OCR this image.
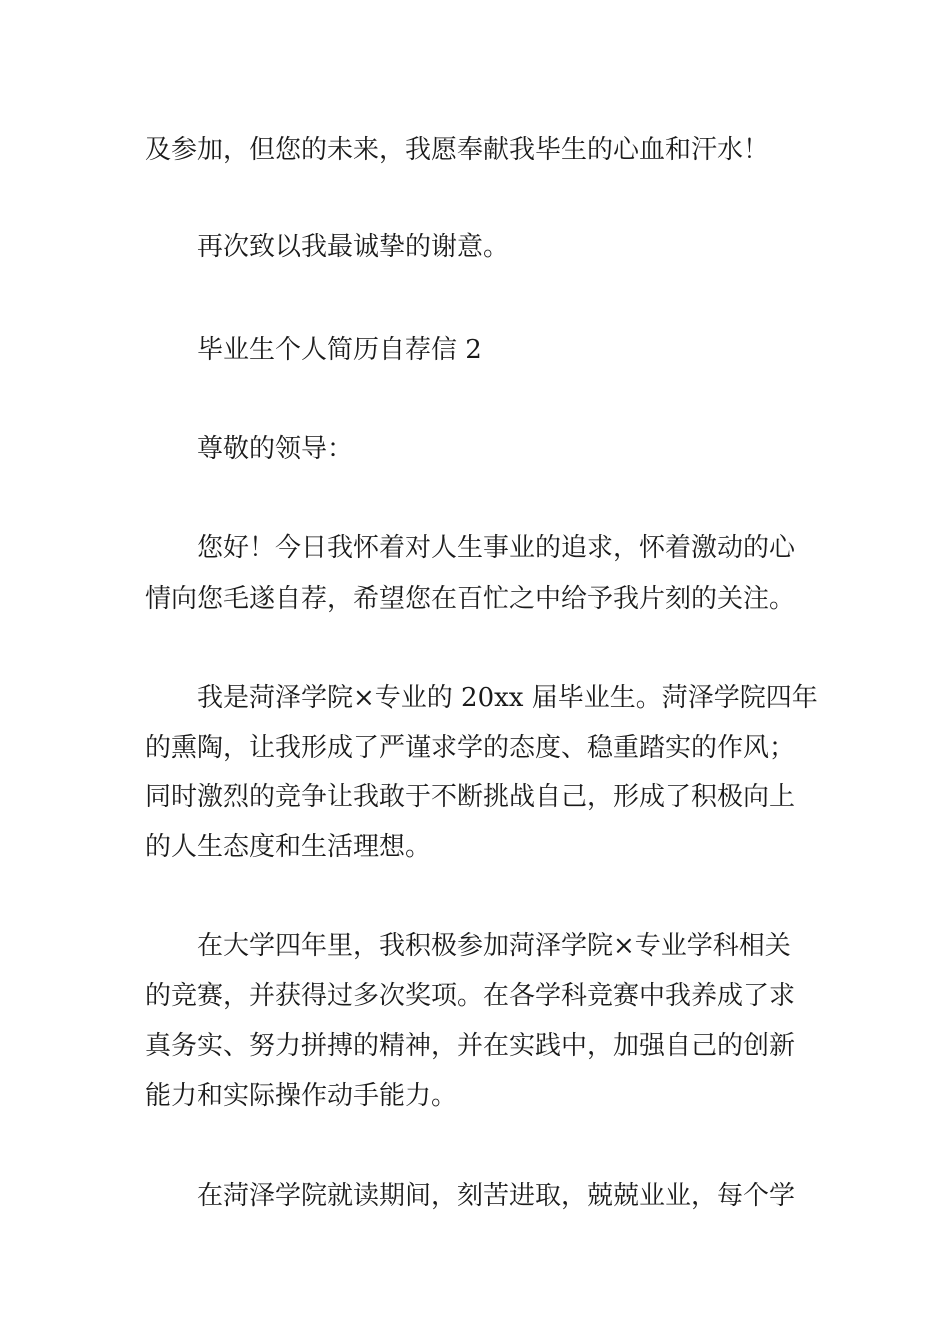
及参加，但您的未来，我愿奉献我毕生的心血和汗水！
再次致以我最诚挚的谢意。
毕业生个人简历自荐信 2
尊敬的领导：
您好！今日我怀着对人生事业的追求，怀着激动的心
情向您毛遂自荐，希望您在百忙之中给予我片刻的关注。
我是菏泽学院×专业的 20xx 届毕业生。菏泽学院四年
的熏陶，让我形成了严谨求学的态度、稳重踏实的作风；
同时激烈的竞争让我敢于不断挑战自己，形成了积极向上
的人生态度和生活理想。
在大学四年里，我积极参加菏泽学院×专业学科相关
的竞赛，并获得过多次奖项。在各学科竞赛中我养成了求
真务实、努力拼搏的精神，并在实践中，加强自己的创新
能力和实际操作动手能力。
在菏泽学院就读期间，刻苦进取，兢兢业业，每个学
